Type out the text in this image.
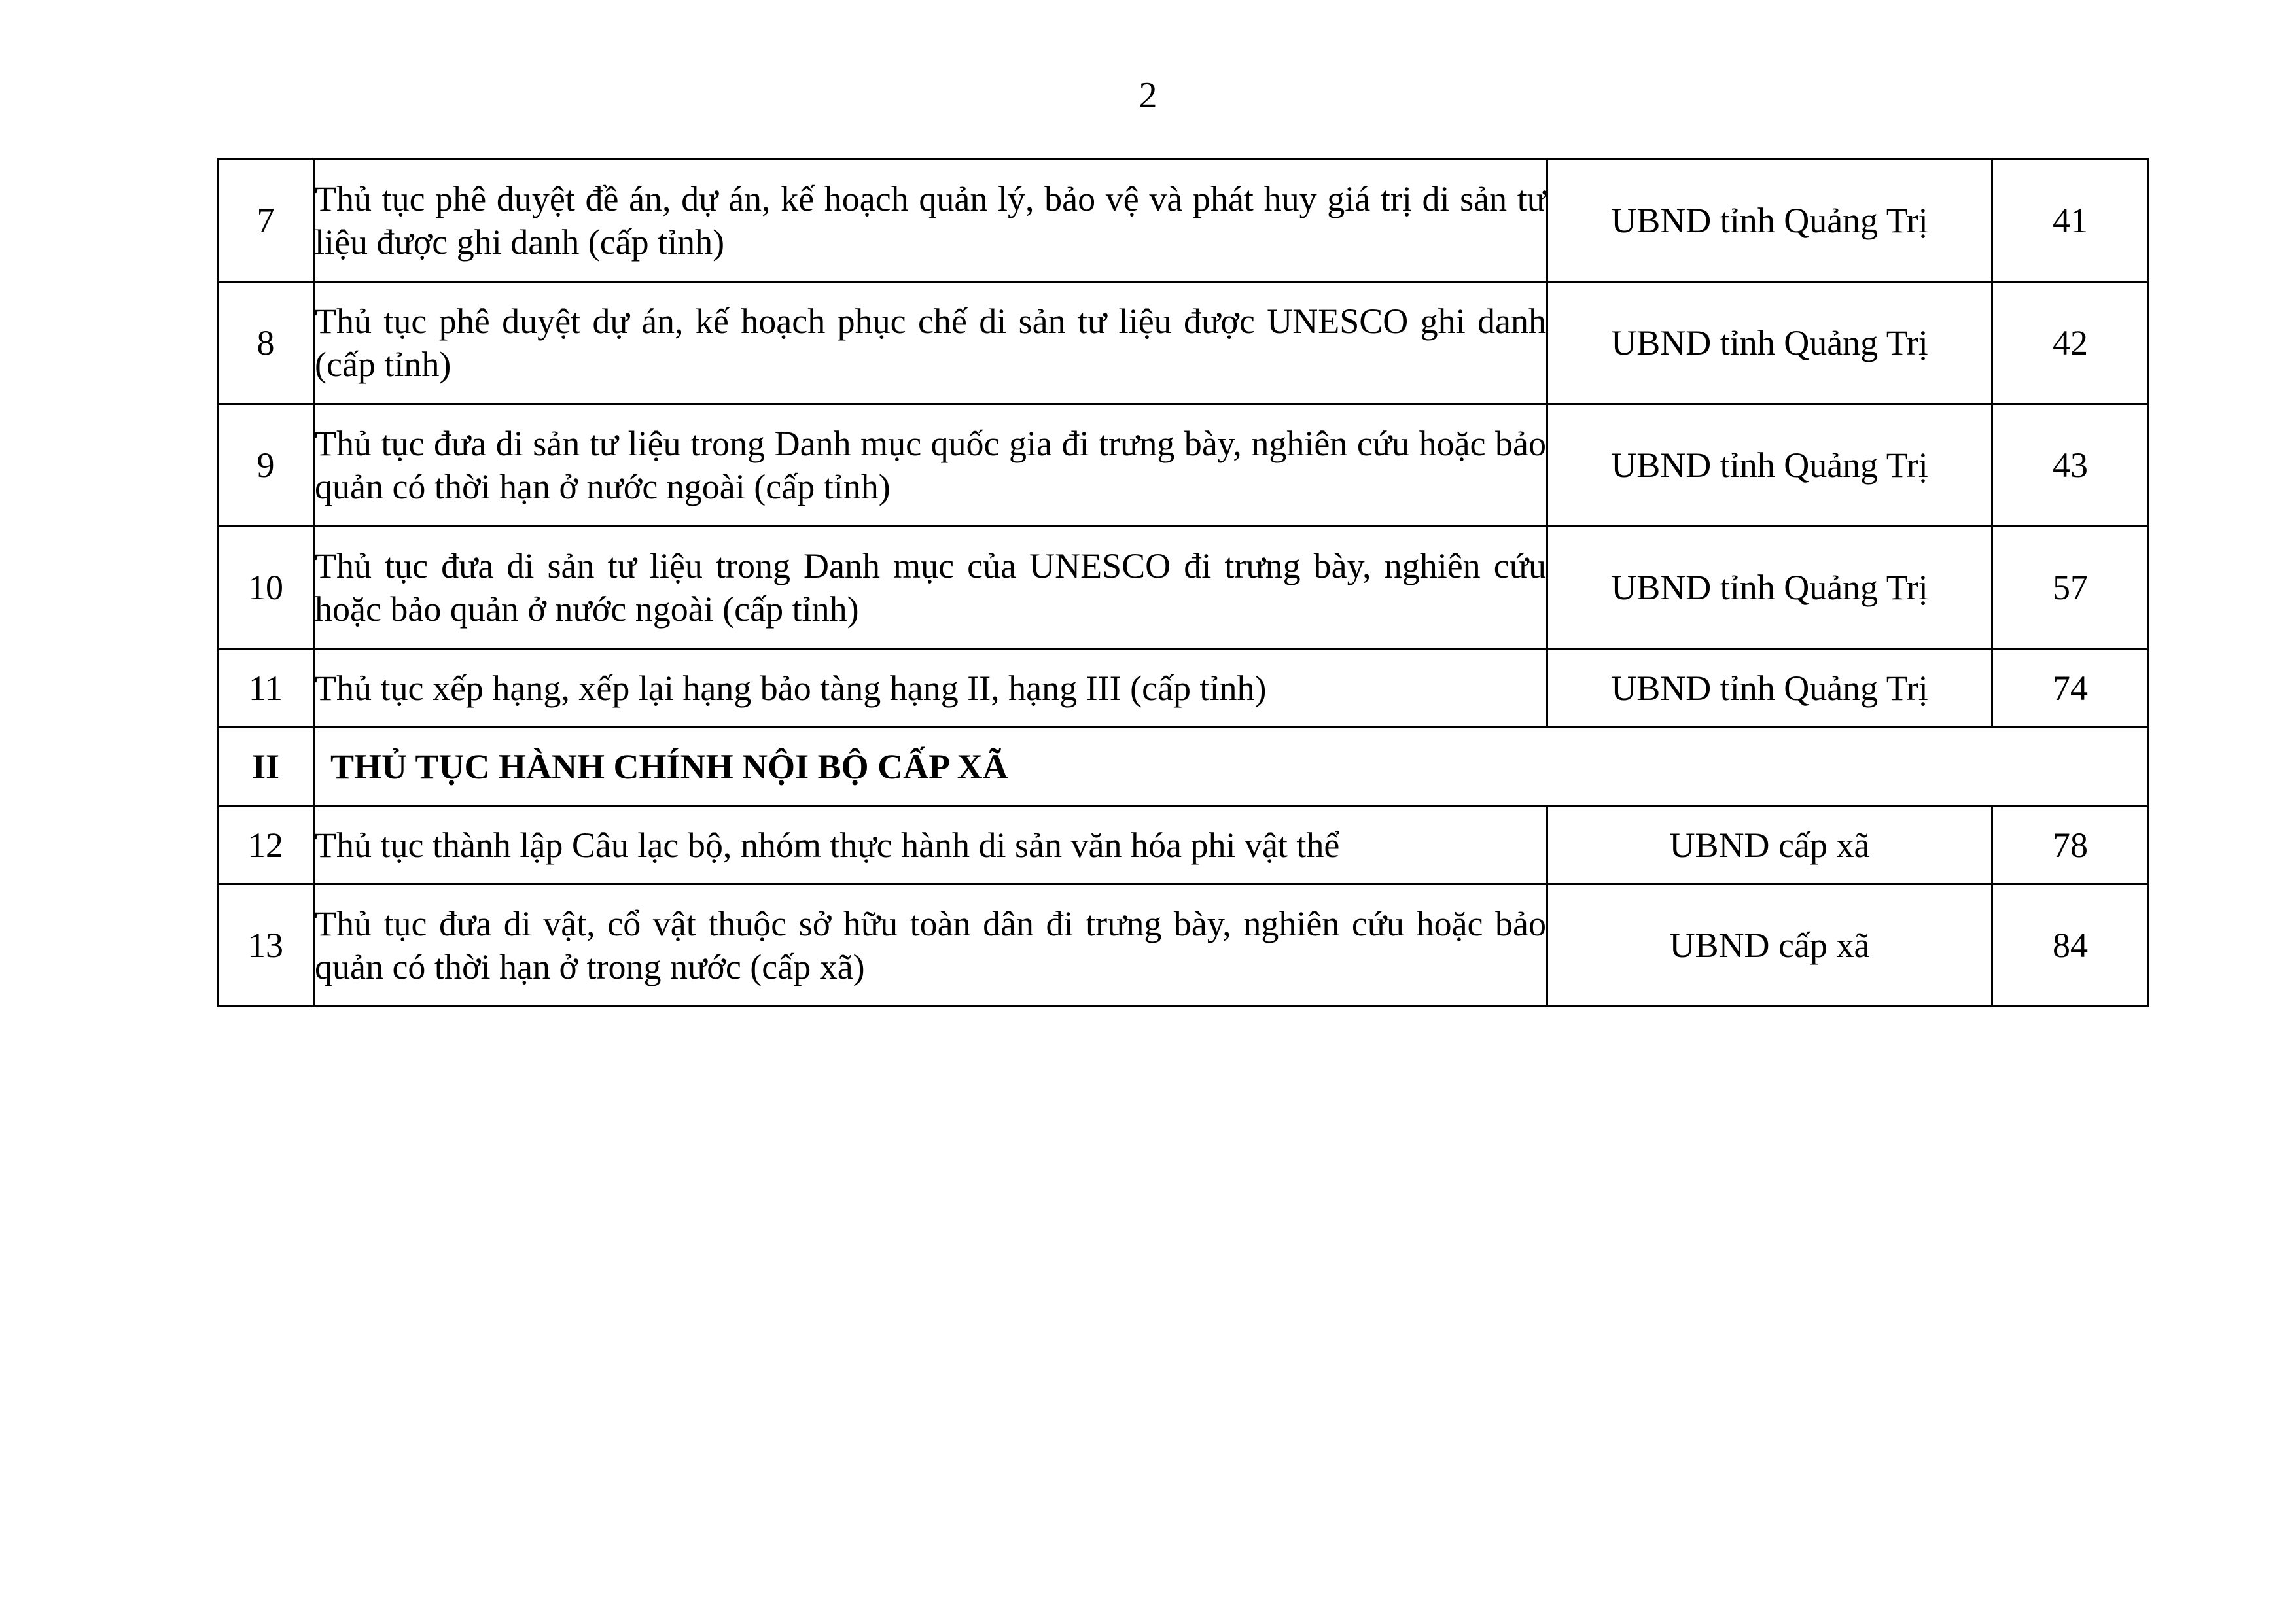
2
7	Thủ tục phê duyệt đề án, dự án, kế hoạch quản lý, bảo vệ và phát huy giá trị di sản tư liệu được ghi danh (cấp tỉnh)	UBND tỉnh Quảng Trị	41
8	Thủ tục phê duyệt dự án, kế hoạch phục chế di sản tư liệu được UNESCO ghi danh (cấp tỉnh)	UBND tỉnh Quảng Trị	42
9	Thủ tục đưa di sản tư liệu trong Danh mục quốc gia đi trưng bày, nghiên cứu hoặc bảo quản có thời hạn ở nước ngoài (cấp tỉnh)	UBND tỉnh Quảng Trị	43
10	Thủ tục đưa di sản tư liệu trong Danh mục của UNESCO đi trưng bày, nghiên cứu hoặc bảo quản ở nước ngoài (cấp tỉnh)	UBND tỉnh Quảng Trị	57
11	Thủ tục xếp hạng, xếp lại hạng bảo tàng hạng II, hạng III (cấp tỉnh)	UBND tỉnh Quảng Trị	74
II	THỦ TỤC HÀNH CHÍNH NỘI BỘ CẤP XÃ		
12	Thủ tục thành lập Câu lạc bộ, nhóm thực hành di sản văn hóa phi vật thể	UBND cấp xã	78
13	Thủ tục đưa di vật, cổ vật thuộc sở hữu toàn dân đi trưng bày, nghiên cứu hoặc bảo quản có thời hạn ở trong nước (cấp xã)	UBND cấp xã	84
